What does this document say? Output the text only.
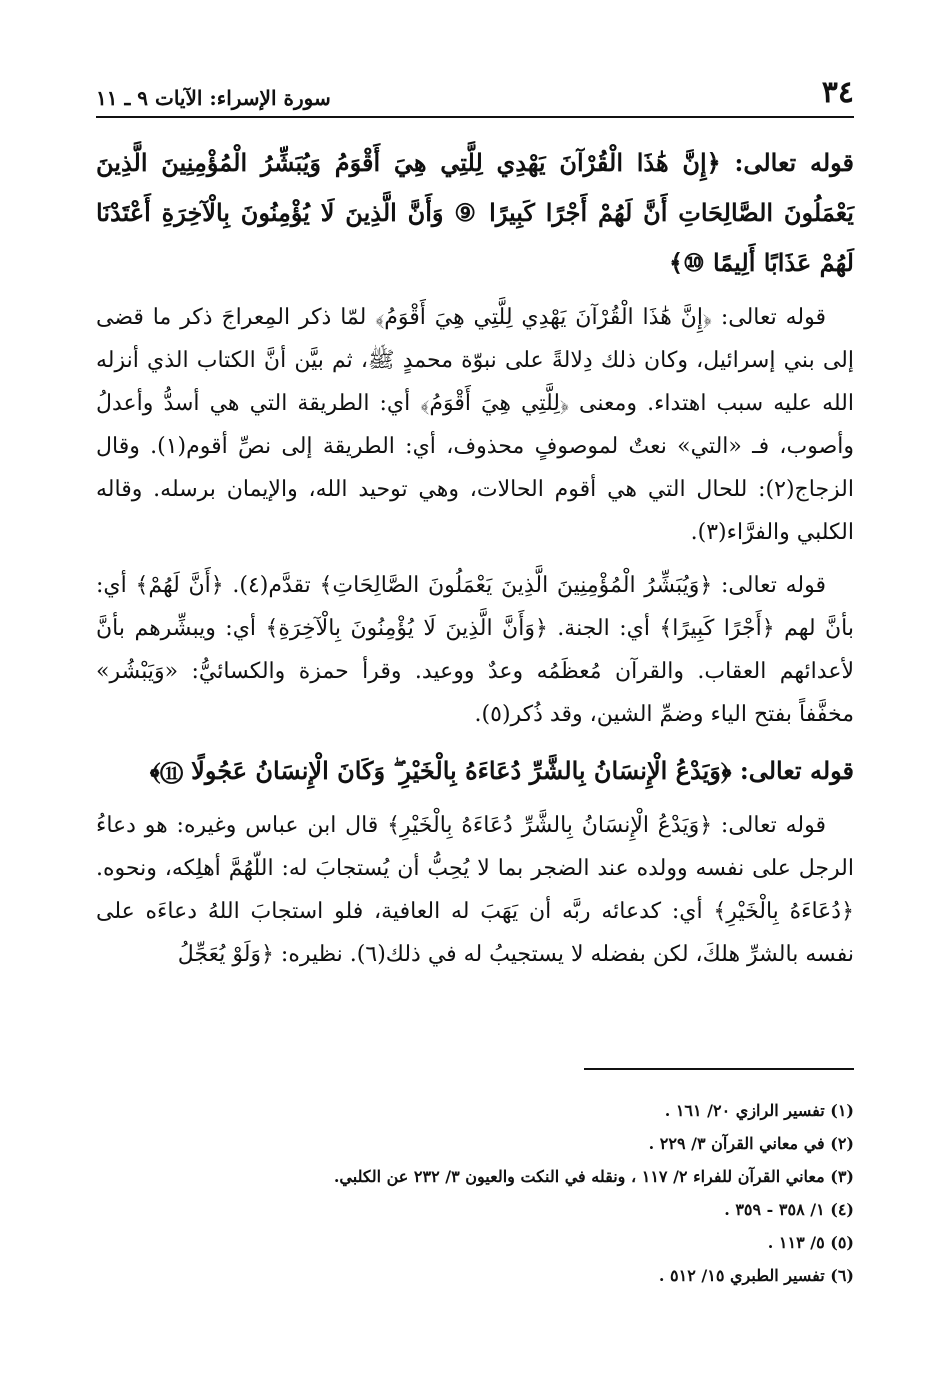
٣٤
سورة الإسراء: الآيات ٩ ـ ١١

قوله تعالى: ﴿إِنَّ هَٰذَا الْقُرْآنَ يَهْدِي لِلَّتِي هِيَ أَقْوَمُ وَيُبَشِّرُ الْمُؤْمِنِينَ الَّذِينَ يَعْمَلُونَ الصَّالِحَاتِ أَنَّ لَهُمْ أَجْرًا كَبِيرًا ⑨ وَأَنَّ الَّذِينَ لَا يُؤْمِنُونَ بِالْآخِرَةِ أَعْتَدْنَا لَهُمْ عَذَابًا أَلِيمًا ⑩﴾

قوله تعالى: ﴿إِنَّ هَٰذَا الْقُرْآنَ يَهْدِي لِلَّتِي هِيَ أَقْوَمُ﴾ لمّا ذكر المِعراجَ ذكر ما قضى إلى بني إسرائيل، وكان ذلك دِلالةً على نبوّة محمدٍ ﷺ، ثم بيَّن أنَّ الكتاب الذي أنزله الله عليه سبب اهتداء. ومعنى ﴿لِلَّتِي هِيَ أَقْوَمُ﴾ أي: الطريقة التي هي أسدُّ وأعدلُ وأصوب، فـ «التي» نعتٌ لموصوفٍ محذوف، أي: الطريقة إلى نصِّ أقوم(١). وقال الزجاج(٢): للحال التي هي أقوم الحالات، وهي توحيد الله، والإيمان برسله. وقاله الكلبي والفرَّاء(٣).

قوله تعالى: ﴿وَيُبَشِّرُ الْمُؤْمِنِينَ الَّذِينَ يَعْمَلُونَ الصَّالِحَاتِ﴾ تقدَّم(٤). ﴿أَنَّ لَهُمْ﴾ أي: بأنَّ لهم ﴿أَجْرًا كَبِيرًا﴾ أي: الجنة. ﴿وَأَنَّ الَّذِينَ لَا يُؤْمِنُونَ بِالْآخِرَةِ﴾ أي: ويبشِّرهم بأنَّ لأعدائهم العقاب. والقرآن مُعظَمُه وعدٌ ووعيد. وقرأ حمزة والكسائيُّ: «وَيَبْشُر» مخفَّفاً بفتح الياء وضمِّ الشين، وقد ذُكر(٥).

قوله تعالى: ﴿وَيَدْعُ الْإِنسَانُ بِالشَّرِّ دُعَاءَهُ بِالْخَيْرِ ۖ وَكَانَ الْإِنسَانُ عَجُولًا ⑪﴾

قوله تعالى: ﴿وَيَدْعُ الْإِنسَانُ بِالشَّرِّ دُعَاءَهُ بِالْخَيْرِ﴾ قال ابن عباس وغيره: هو دعاءُ الرجل على نفسه وولده عند الضجر بما لا يُحِبُّ أن يُستجابَ له: اللّهُمَّ أهلِكه، ونحوه. ﴿دُعَاءَهُ بِالْخَيْرِ﴾ أي: كدعائه ربَّه أن يَهَبَ له العافية، فلو استجابَ اللهُ دعاءَه على نفسه بالشرِّ هلكَ، لكن بفضله لا يستجيبُ له في ذلك(٦). نظيره: ﴿وَلَوْ يُعَجِّلُ

(١) تفسير الرازي ٢٠/ ١٦١ .

(٢) في معاني القرآن ٣/ ٢٢٩ .

(٣) معاني القرآن للفراء ٢/ ١١٧ ، ونقله في النكت والعيون ٣/ ٢٣٢ عن الكلبي.

(٤) ١/ ٣٥٨ - ٣٥٩ .

(٥) ٥/ ١١٣ .

(٦) تفسير الطبري ١٥/ ٥١٢ .
